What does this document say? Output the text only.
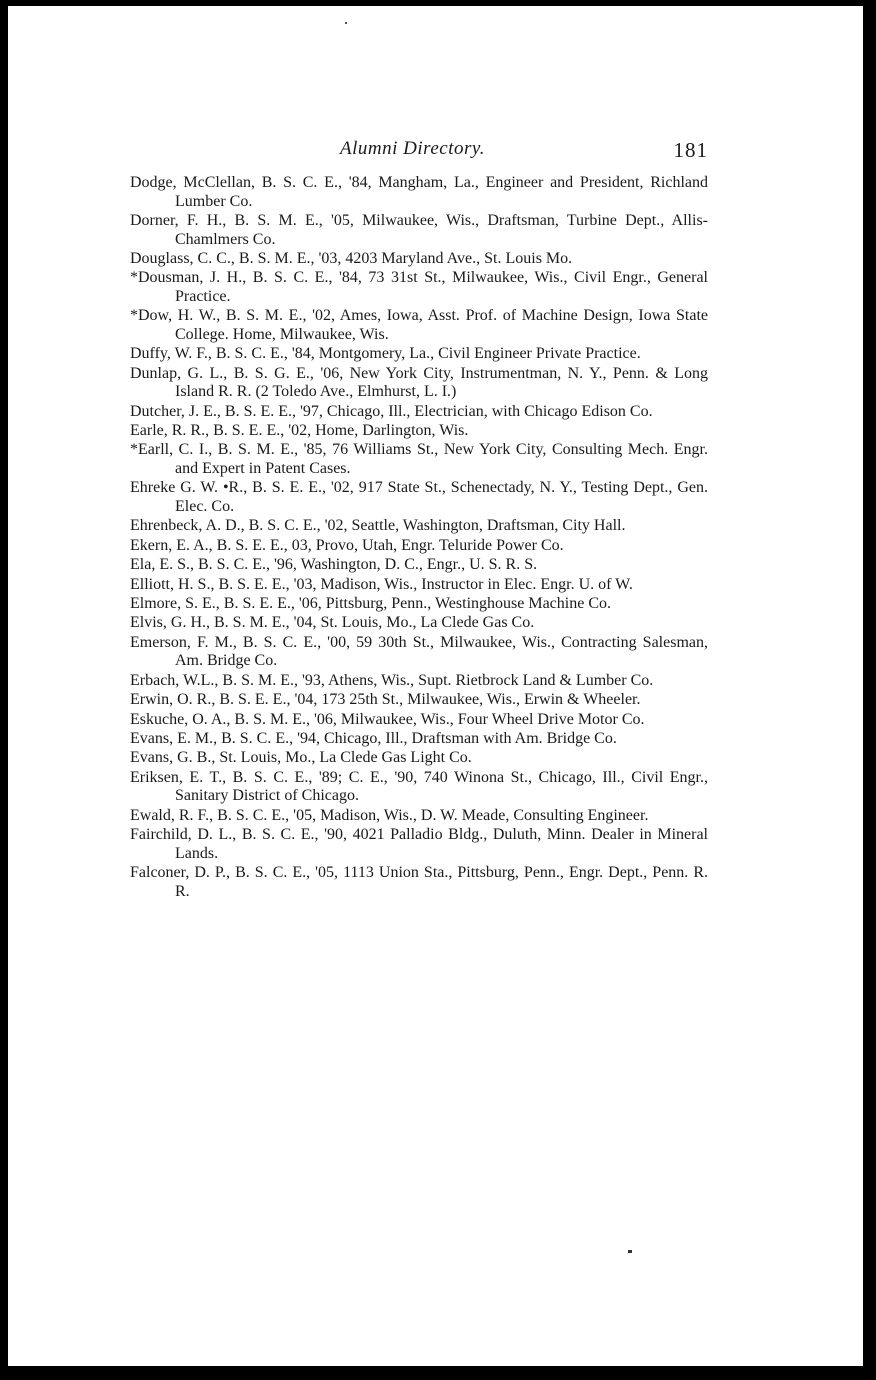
Alumni Directory.	181

Dodge, McClellan, B. S. C. E., '84, Mangham, La., Engineer and President, Richland Lumber Co.

Dorner, F. H., B. S. M. E., '05, Milwaukee, Wis., Draftsman, Turbine Dept., Allis-Chamlmers Co.

Douglass, C. C., B. S. M. E., '03, 4203 Maryland Ave., St. Louis Mo.

*Dousman, J. H., B. S. C. E., '84, 73 31st St., Milwaukee, Wis., Civil Engr., General Practice.

*Dow, H. W., B. S. M. E., '02, Ames, Iowa, Asst. Prof. of Machine Design, Iowa State College. Home, Milwaukee, Wis.

Duffy, W. F., B. S. C. E., '84, Montgomery, La., Civil Engineer Private Practice.

Dunlap, G. L., B. S. G. E., '06, New York City, Instrumentman, N. Y., Penn. & Long Island R. R. (2 Toledo Ave., Elmhurst, L. I.)

Dutcher, J. E., B. S. E. E., '97, Chicago, Ill., Electrician, with Chicago Edison Co.

Earle, R. R., B. S. E. E., '02, Home, Darlington, Wis.

*Earll, C. I., B. S. M. E., '85, 76 Williams St., New York City, Consulting Mech. Engr. and Expert in Patent Cases.

Ehreke G. W. •R., B. S. E. E., '02, 917 State St., Schenectady, N. Y., Testing Dept., Gen. Elec. Co.

Ehrenbeck, A. D., B. S. C. E., '02, Seattle, Washington, Draftsman, City Hall.

Ekern, E. A., B. S. E. E., 03, Provo, Utah, Engr. Teluride Power Co.

Ela, E. S., B. S. C. E., '96, Washington, D. C., Engr., U. S. R. S.

Elliott, H. S., B. S. E. E., '03, Madison, Wis., Instructor in Elec. Engr. U. of W.

Elmore, S. E., B. S. E. E., '06, Pittsburg, Penn., Westinghouse Machine Co.

Elvis, G. H., B. S. M. E., '04, St. Louis, Mo., La Clede Gas Co.

Emerson, F. M., B. S. C. E., '00, 59 30th St., Milwaukee, Wis., Contracting Salesman, Am. Bridge Co.

Erbach, W.L., B. S. M. E., '93, Athens, Wis., Supt. Rietbrock Land & Lumber Co.

Erwin, O. R., B. S. E. E., '04, 173 25th St., Milwaukee, Wis., Erwin & Wheeler.

Eskuche, O. A., B. S. M. E., '06, Milwaukee, Wis., Four Wheel Drive Motor Co.

Evans, E. M., B. S. C. E., '94, Chicago, Ill., Draftsman with Am. Bridge Co.

Evans, G. B., St. Louis, Mo., La Clede Gas Light Co.

Eriksen, E. T., B. S. C. E., '89; C. E., '90, 740 Winona St., Chicago, Ill., Civil Engr., Sanitary District of Chicago.

Ewald, R. F., B. S. C. E., '05, Madison, Wis., D. W. Meade, Consulting Engineer.

Fairchild, D. L., B. S. C. E., '90, 4021 Palladio Bldg., Duluth, Minn. Dealer in Mineral Lands.

Falconer, D. P., B. S. C. E., '05, 1113 Union Sta., Pittsburg, Penn., Engr. Dept., Penn. R. R.
